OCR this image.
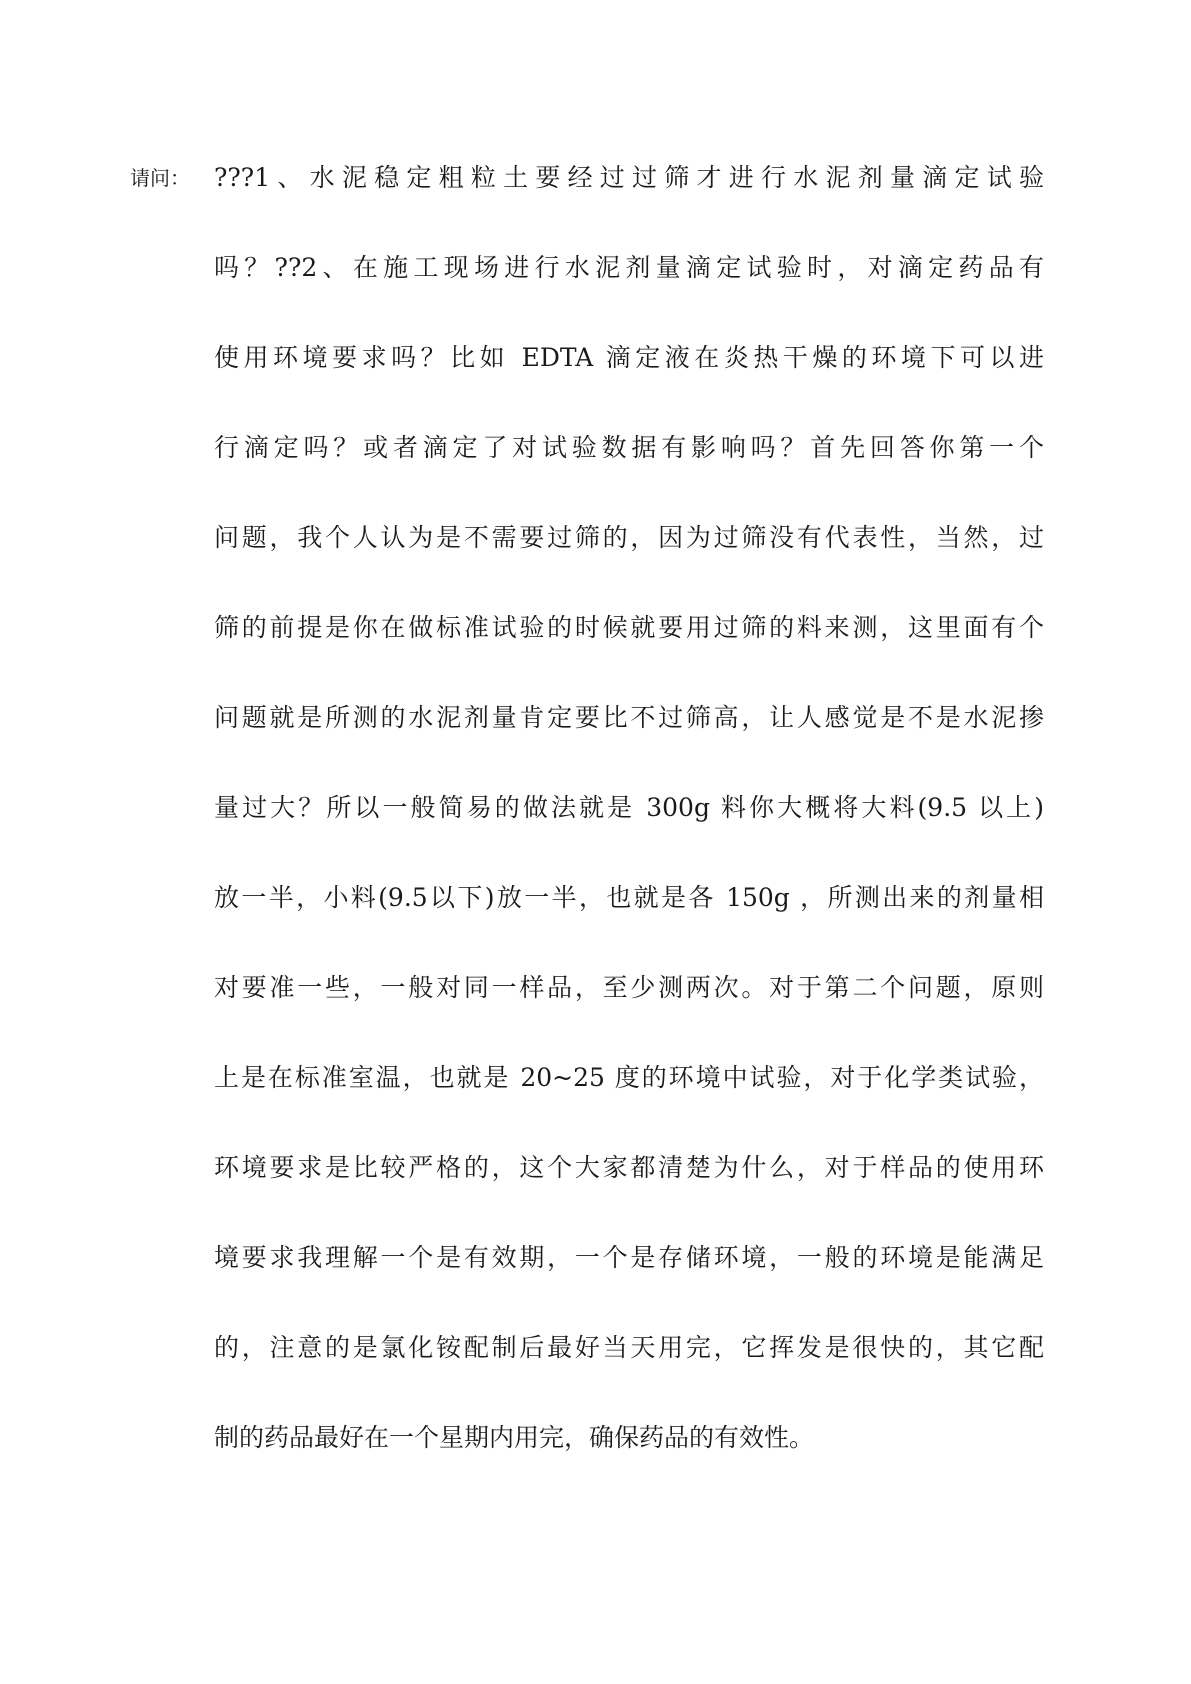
请问： ???1、水泥稳定粗粒土要经过过筛才进行水泥剂量滴定试验
吗？??2、在施工现场进行水泥剂量滴定试验时，对滴定药品有
使用环境要求吗？比如 EDTA 滴定液在炎热干燥的环境下可以进
行滴定吗？或者滴定了对试验数据有影响吗？首先回答你第一个
问题，我个人认为是不需要过筛的，因为过筛没有代表性，当然，过
筛的前提是你在做标准试验的时候就要用过筛的料来测，这里面有个
问题就是所测的水泥剂量肯定要比不过筛高，让人感觉是不是水泥掺
量过大？所以一般简易的做法就是 300g 料你大概将大料(9.5 以上)
放一半，小料(9.5以下)放一半，也就是各 150g ，所测出来的剂量相
对要准一些，一般对同一样品，至少测两次。对于第二个问题，原则
上是在标准室温，也就是 20~25 度的环境中试验，对于化学类试验，
环境要求是比较严格的，这个大家都清楚为什么，对于样品的使用环
境要求我理解一个是有效期，一个是存储环境，一般的环境是能满足
的，注意的是氯化铵配制后最好当天用完，它挥发是很快的，其它配
制的药品最好在一个星期内用完，确保药品的有效性。
